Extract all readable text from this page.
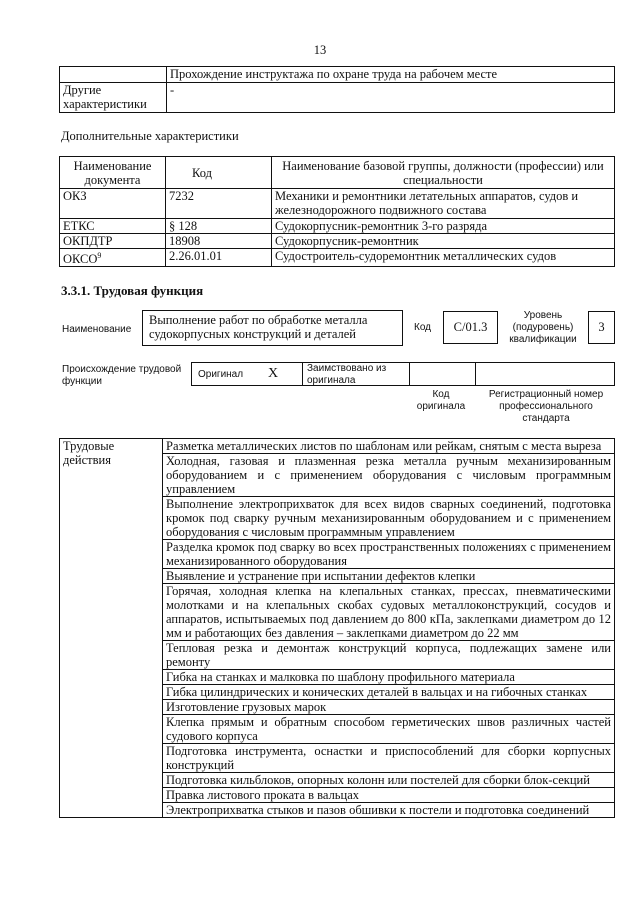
13
	Прохождение инструктажа по охране труда на рабочем месте
Другие характеристики	-
Дополнительные характеристики
Наименование документа	Код	Наименование базовой группы, должности (профессии) или специальности
ОКЗ	7232	Механики и ремонтники летательных аппаратов, судов и железнодорожного подвижного состава
ЕТКС	§ 128	Судокорпусник-ремонтник 3-го разряда
ОКПДТР	18908	Судокорпусник-ремонтник
ОКСО$^9$	2.26.01.01	Судостроитель-судоремонтник металлических судов
3.3.1. Трудовая функция
Наименование
Выполнение работ по обработке металла судокорпусных конструкций и деталей	Код	C/01.3
Уровень (подуровень) квалификации
3
Происхождение трудовой функции
Оригинал X	Заимствовано из оригинала
Код оригинала
Регистрационный номер профессионального стандарта
Трудовые действия	Разметка металлических листов по шаблонам или рейкам, снятым с места выреза
Холодная, газовая и плазменная резка металла ручным механизированным оборудованием и с применением оборудования с числовым программным управлением
Выполнение электроприхваток для всех видов сварных соединений, подготовка кромок под сварку ручным механизированным оборудованием и с применением оборудования с числовым программным управлением
Разделка кромок под сварку во всех пространственных положениях с применением механизированного оборудования
Выявление и устранение при испытании дефектов клепки
Горячая, холодная клепка на клепальных станках, прессах, пневматическими молотками и на клепальных скобах судовых металлоконструкций, сосудов и аппаратов, испытываемых под давлением до 800 кПа, заклепками диаметром до 12 мм и работающих без давления – заклепками диаметром до 22 мм
Тепловая резка и демонтаж конструкций корпуса, подлежащих замене или ремонту
Гибка на станках и малковка по шаблону профильного материала
Гибка цилиндрических и конических деталей в вальцах и на гибочных станках
Изготовление грузовых марок
Клепка прямым и обратным способом герметических швов различных частей судового корпуса
Подготовка инструмента, оснастки и приспособлений для сборки корпусных конструкций
Подготовка кильблоков, опорных колонн или постелей для сборки блок-секций
Правка листового проката в вальцах
Электроприхватка стыков и пазов обшивки к постели и подготовка соединений
